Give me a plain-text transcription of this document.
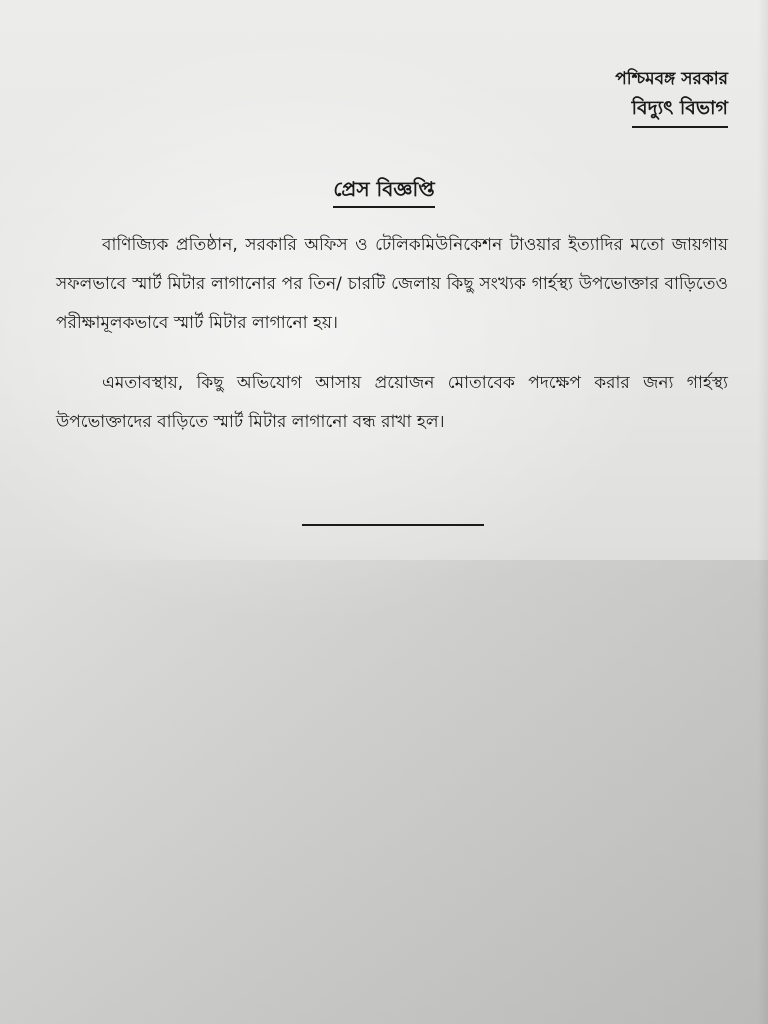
পশ্চিমবঙ্গ সরকার
বিদ্যুৎ বিভাগ
প্রেস বিজ্ঞপ্তি

বাণিজ্যিক প্রতিষ্ঠান, সরকারি অফিস ও টেলিকমিউনিকেশন টাওয়ার ইত্যাদির মতো জায়গায় সফলভাবে স্মার্ট মিটার লাগানোর পর তিন/ চারটি জেলায় কিছু সংখ্যক গার্হস্থ্য উপভোক্তার বাড়িতেও পরীক্ষামূলকভাবে স্মার্ট মিটার লাগানো হয়।

এমতাবস্থায়, কিছু অভিযোগ আসায় প্রয়োজন মোতাবেক পদক্ষেপ করার জন্য গার্হস্থ্য উপভোক্তাদের বাড়িতে স্মার্ট মিটার লাগানো বন্ধ রাখা হল।
